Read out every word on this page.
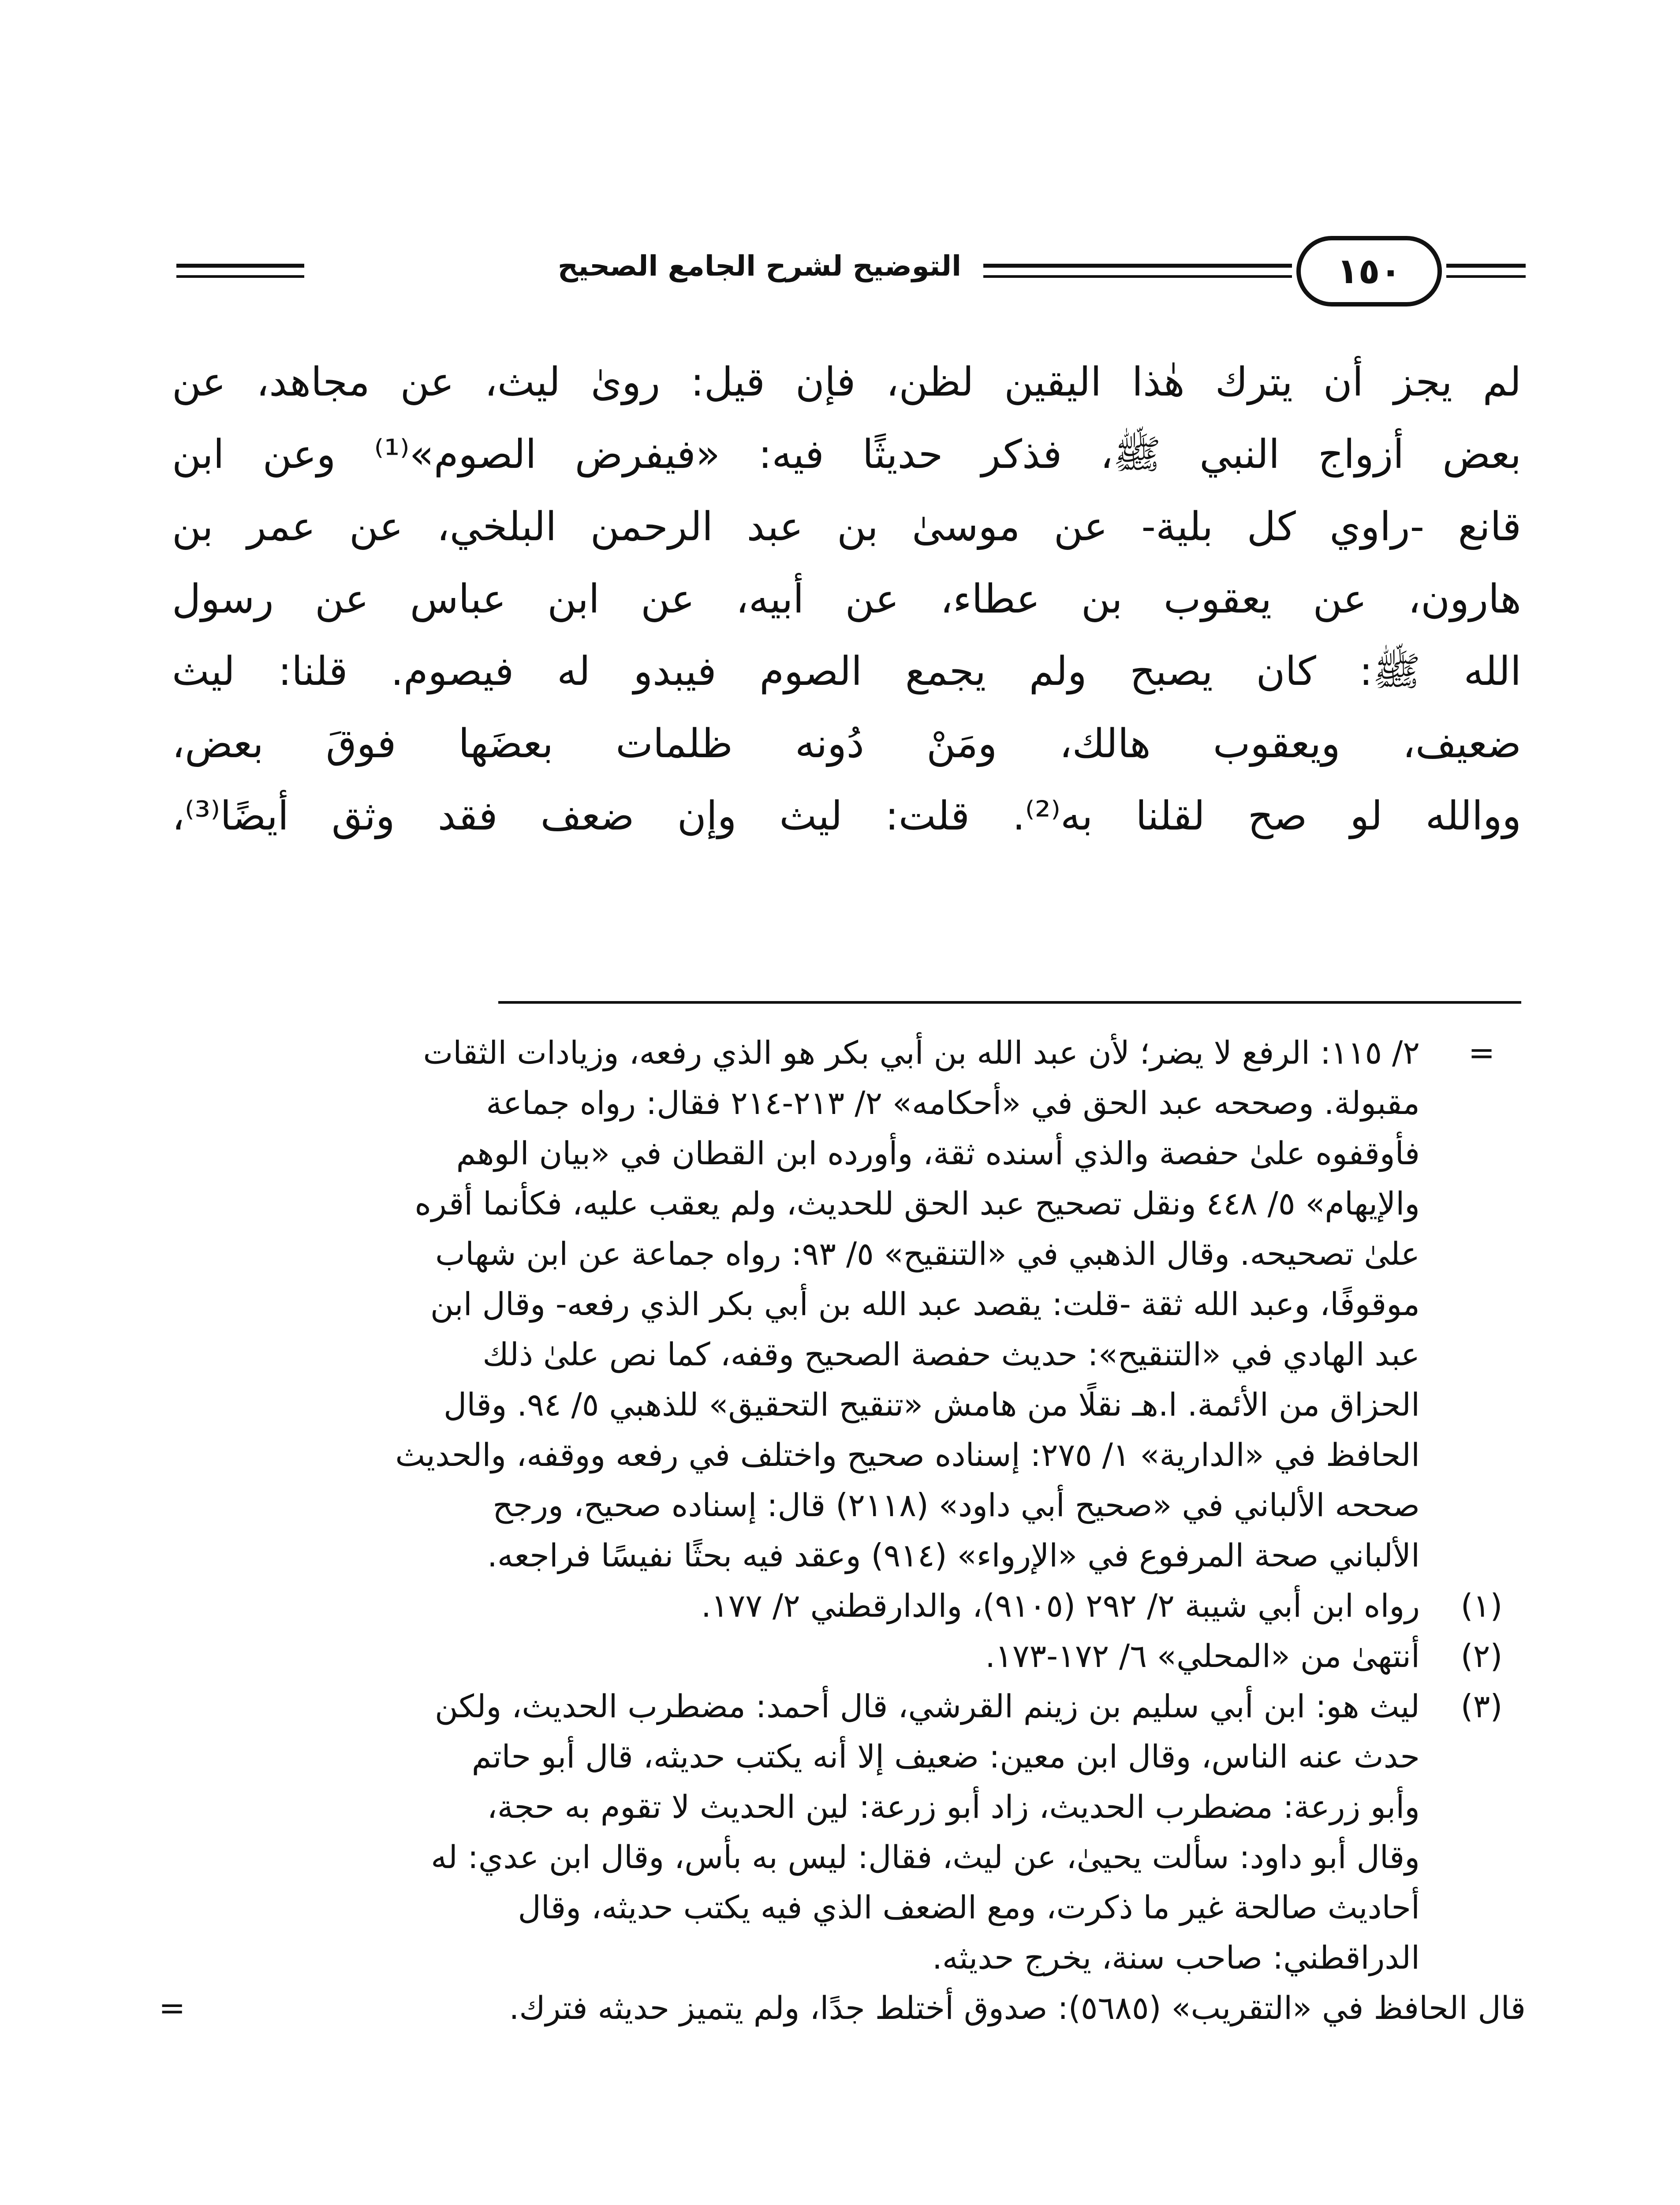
التوضيح لشرح الجامع الصحيح	١٥٠
لم يجز أن يترك هٰذا اليقين لظن، فإن قيل: روىٰ ليث، عن مجاهد، عن
بعض أزواج النبي ﷺ، فذكر حديثًا فيه: «فيفرض الصوم»⁽¹⁾ وعن ابن
قانع -راوي كل بلية- عن موسىٰ بن عبد الرحمن البلخي، عن عمر بن
هارون، عن يعقوب بن عطاء، عن أبيه، عن ابن عباس عن رسول
الله ﷺ: كان يصبح ولم يجمع الصوم فيبدو له فيصوم. قلنا: ليث
ضعيف، ويعقوب هالك، ومَنْ دُونه ظلمات بعضَها فوقَ بعض،
ووالله لو صح لقلنا به⁽²⁾. قلت: ليث وإن ضعف فقد وثق أيضًا⁽³⁾،
=
٢/ ١١٥: الرفع لا يضر؛ لأن عبد الله بن أبي بكر هو الذي رفعه، وزيادات الثقات
مقبولة. وصححه عبد الحق في «أحكامه» ٢/ ٢١٣-٢١٤ فقال: رواه جماعة
فأوقفوه علىٰ حفصة والذي أسنده ثقة، وأورده ابن القطان في «بيان الوهم
والإيهام» ٥/ ٤٤٨ ونقل تصحيح عبد الحق للحديث، ولم يعقب عليه، فكأنما أقره
علىٰ تصحيحه. وقال الذهبي في «التنقيح» ٥/ ٩٣: رواه جماعة عن ابن شهاب
موقوفًا، وعبد الله ثقة -قلت: يقصد عبد الله بن أبي بكر الذي رفعه- وقال ابن
عبد الهادي في «التنقيح»: حديث حفصة الصحيح وقفه، كما نص علىٰ ذلك
الحزاق من الأئمة. ا.هـ نقلًا من هامش «تنقيح التحقيق» للذهبي ٥/ ٩٤. وقال
الحافظ في «الدارية» ١/ ٢٧٥: إسناده صحيح واختلف في رفعه ووقفه، والحديث
صححه الألباني في «صحيح أبي داود» (٢١١٨) قال: إسناده صحيح، ورجح
الألباني صحة المرفوع في «الإرواء» (٩١٤) وعقد فيه بحثًا نفيسًا فراجعه.
(١)
رواه ابن أبي شيبة ٢/ ٢٩٢ (٩١٠٥)، والدارقطني ٢/ ١٧٧.
(٢)
أنتهىٰ من «المحلي» ٦/ ١٧٢-١٧٣.
(٣)
ليث هو: ابن أبي سليم بن زينم القرشي، قال أحمد: مضطرب الحديث، ولكن
حدث عنه الناس، وقال ابن معين: ضعيف إلا أنه يكتب حديثه، قال أبو حاتم
وأبو زرعة: مضطرب الحديث، زاد أبو زرعة: لين الحديث لا تقوم به حجة،
وقال أبو داود: سألت يحيىٰ، عن ليث، فقال: ليس به بأس، وقال ابن عدي: له
أحاديث صالحة غير ما ذكرت، ومع الضعف الذي فيه يكتب حديثه، وقال
الدراقطني: صاحب سنة، يخرج حديثه.
قال الحافظ في «التقريب» (٥٦٨٥): صدوق أختلط جدًا، ولم يتميز حديثه فترك.
=
